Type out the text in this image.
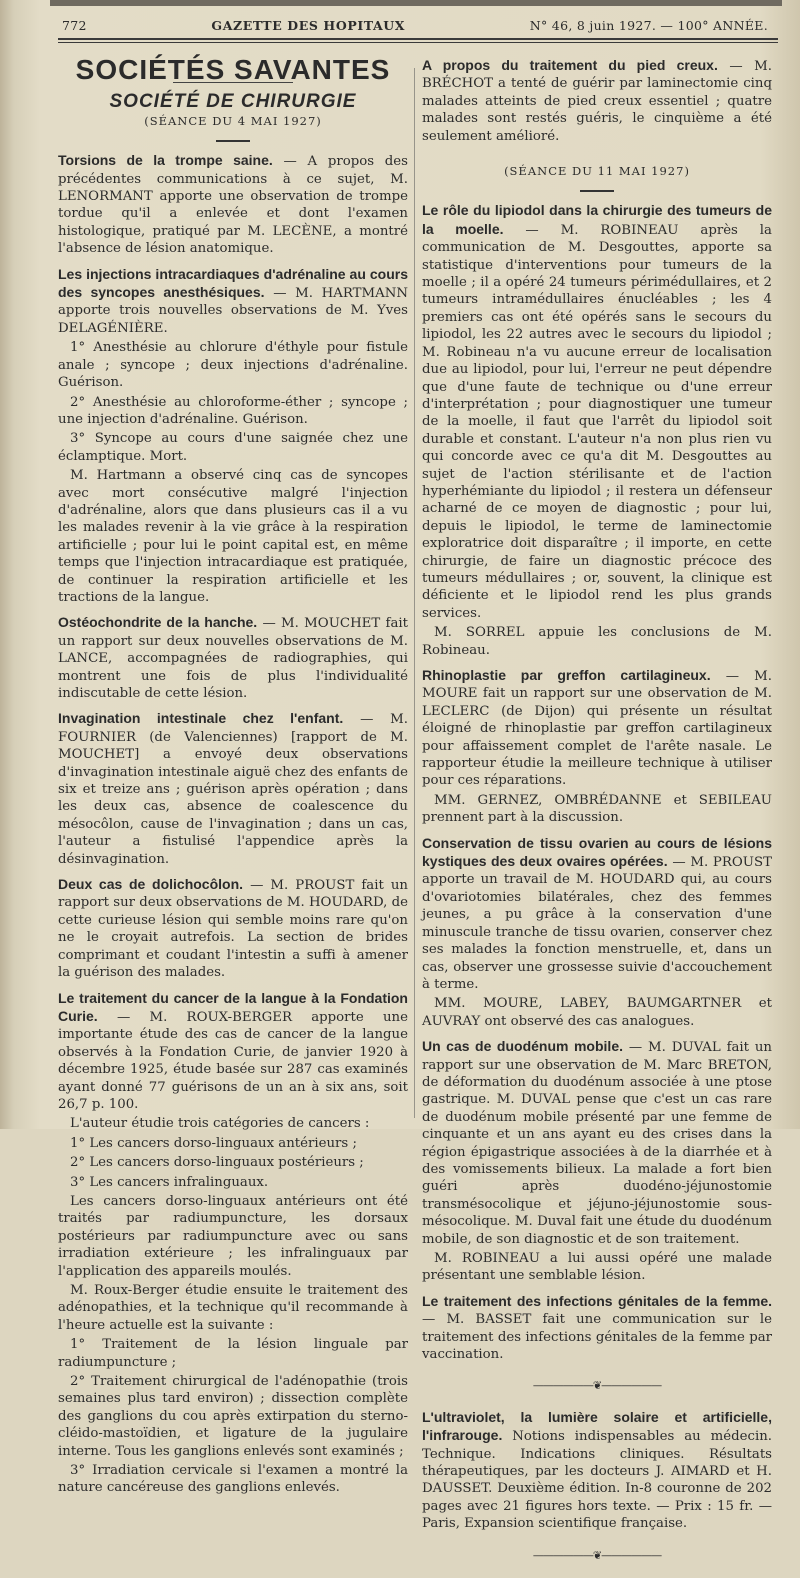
772	GAZETTE DES HOPITAUX	N° 46, 8 juin 1927. — 100° ANNÉE.
SOCIÉTÉS SAVANTES
SOCIÉTÉ DE CHIRURGIE
(SÉANCE DU 4 MAI 1927)

Torsions de la trompe saine. — A propos des précédentes communications à ce sujet, M. LENORMANT apporte une observation de trompe tordue qu'il a enlevée et dont l'examen histologique, pratiqué par M. LECÈNE, a montré l'absence de lésion anatomique.

Les injections intracardiaques d'adrénaline au cours des syncopes anesthésiques. — M. HARTMANN apporte trois nouvelles observations de M. Yves DELAGÉNIÈRE.

1° Anesthésie au chlorure d'éthyle pour fistule anale ; syncope ; deux injections d'adrénaline. Guérison.

2° Anesthésie au chloroforme-éther ; syncope ; une injection d'adrénaline. Guérison.

3° Syncope au cours d'une saignée chez une éclamptique. Mort.

M. Hartmann a observé cinq cas de syncopes avec mort consécutive malgré l'injection d'adrénaline, alors que dans plusieurs cas il a vu les malades revenir à la vie grâce à la respiration artificielle ; pour lui le point capital est, en même temps que l'injection intracardiaque est pratiquée, de continuer la respiration artificielle et les tractions de la langue.

Ostéochondrite de la hanche. — M. MOUCHET fait un rapport sur deux nouvelles observations de M. LANCE, accompagnées de radiographies, qui montrent une fois de plus l'individualité indiscutable de cette lésion.

Invagination intestinale chez l'enfant. — M. FOURNIER (de Valenciennes) [rapport de M. MOUCHET] a envoyé deux observations d'invagination intestinale aiguë chez des enfants de six et treize ans ; guérison après opération ; dans les deux cas, absence de coalescence du mésocôlon, cause de l'invagination ; dans un cas, l'auteur a fistulisé l'appendice après la désinvagination.

Deux cas de dolichocôlon. — M. PROUST fait un rapport sur deux observations de M. HOUDARD, de cette curieuse lésion qui semble moins rare qu'on ne le croyait autrefois. La section de brides comprimant et coudant l'intestin a suffi à amener la guérison des malades.

Le traitement du cancer de la langue à la Fondation Curie. — M. ROUX-BERGER apporte une importante étude des cas de cancer de la langue observés à la Fondation Curie, de janvier 1920 à décembre 1925, étude basée sur 287 cas examinés ayant donné 77 guérisons de un an à six ans, soit 26,7 p. 100.

L'auteur étudie trois catégories de cancers :

1° Les cancers dorso-linguaux antérieurs ;

2° Les cancers dorso-linguaux postérieurs ;

3° Les cancers infralinguaux.

Les cancers dorso-linguaux antérieurs ont été traités par radiumpuncture, les dorsaux postérieurs par radiumpuncture avec ou sans irradiation extérieure ; les infralinguaux par l'application des appareils moulés.

M. Roux-Berger étudie ensuite le traitement des adénopathies, et la technique qu'il recommande à l'heure actuelle est la suivante :

1° Traitement de la lésion linguale par radiumpuncture ;

2° Traitement chirurgical de l'adénopathie (trois semaines plus tard environ) ; dissection complète des ganglions du cou après extirpation du sterno-cléido-mastoïdien, et ligature de la jugulaire interne. Tous les ganglions enlevés sont examinés ;

3° Irradiation cervicale si l'examen a montré la nature cancéreuse des ganglions enlevés.

A propos du traitement du pied creux. — M. BRÉCHOT a tenté de guérir par laminectomie cinq malades atteints de pied creux essentiel ; quatre malades sont restés guéris, le cinquième a été seulement amélioré.

(SÉANCE DU 11 MAI 1927)

Le rôle du lipiodol dans la chirurgie des tumeurs de la moelle. — M. ROBINEAU après la communication de M. Desgouttes, apporte sa statistique d'interventions pour tumeurs de la moelle ; il a opéré 24 tumeurs périmédullaires, et 2 tumeurs intramédullaires énucléables ; les 4 premiers cas ont été opérés sans le secours du lipiodol, les 22 autres avec le secours du lipiodol ; M. Robineau n'a vu aucune erreur de localisation due au lipiodol, pour lui, l'erreur ne peut dépendre que d'une faute de technique ou d'une erreur d'interprétation ; pour diagnostiquer une tumeur de la moelle, il faut que l'arrêt du lipiodol soit durable et constant. L'auteur n'a non plus rien vu qui concorde avec ce qu'a dit M. Desgouttes au sujet de l'action stérilisante et de l'action hyperhémiante du lipiodol ; il restera un défenseur acharné de ce moyen de diagnostic ; pour lui, depuis le lipiodol, le terme de laminectomie exploratrice doit disparaître ; il importe, en cette chirurgie, de faire un diagnostic précoce des tumeurs médullaires ; or, souvent, la clinique est déficiente et le lipiodol rend les plus grands services.

M. SORREL appuie les conclusions de M. Robineau.

Rhinoplastie par greffon cartilagineux. — M. MOURE fait un rapport sur une observation de M. LECLERC (de Dijon) qui présente un résultat éloigné de rhinoplastie par greffon cartilagineux pour affaissement complet de l'arête nasale. Le rapporteur étudie la meilleure technique à utiliser pour ces réparations.

MM. GERNEZ, OMBRÉDANNE et SEBILEAU prennent part à la discussion.

Conservation de tissu ovarien au cours de lésions kystiques des deux ovaires opérées. — M. PROUST apporte un travail de M. HOUDARD qui, au cours d'ovariotomies bilatérales, chez des femmes jeunes, a pu grâce à la conservation d'une minuscule tranche de tissu ovarien, conserver chez ses malades la fonction menstruelle, et, dans un cas, observer une grossesse suivie d'accouchement à terme.

MM. MOURE, LABEY, BAUMGARTNER et AUVRAY ont observé des cas analogues.

Un cas de duodénum mobile. — M. DUVAL fait un rapport sur une observation de M. Marc BRETON, de déformation du duodénum associée à une ptose gastrique. M. DUVAL pense que c'est un cas rare de duodénum mobile présenté par une femme de cinquante et un ans ayant eu des crises dans la région épigastrique associées à de la diarrhée et à des vomissements bilieux. La malade a fort bien guéri après duodéno-jéjunostomie transmésocolique et jéjuno-jéjunostomie sous-mésocolique. M. Duval fait une étude du duodénum mobile, de son diagnostic et de son traitement.

M. ROBINEAU a lui aussi opéré une malade présentant une semblable lésion.

Le traitement des infections génitales de la femme. — M. BASSET fait une communication sur le traitement des infections génitales de la femme par vaccination.

——————❦——————

L'ultraviolet, la lumière solaire et artificielle, l'infrarouge. Notions indispensables au médecin. Technique. Indications cliniques. Résultats thérapeutiques, par les docteurs J. AIMARD et H. DAUSSET. Deuxième édition. In-8 couronne de 202 pages avec 21 figures hors texte. — Prix : 15 fr. — Paris, Expansion scientifique française.

——————❦——————
